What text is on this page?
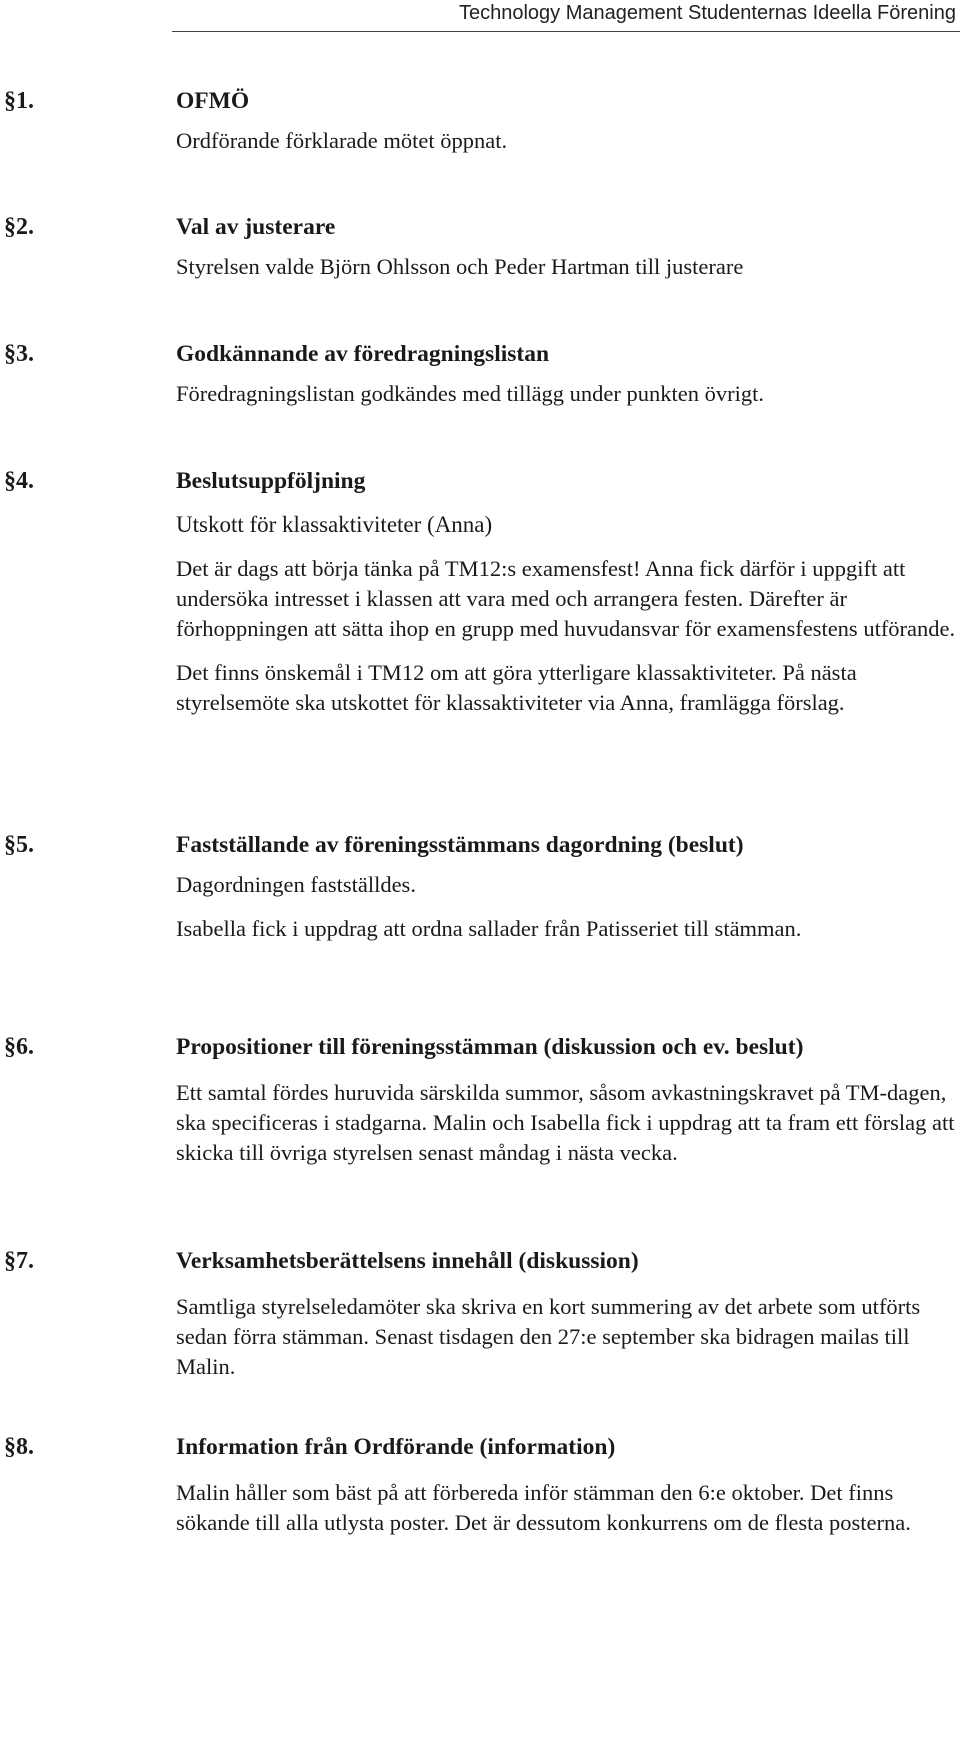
Technology Management Studenternas Ideella Förening
§1.	OFMÖ
Ordförande förklarade mötet öppnat.
§2.	Val av justerare
Styrelsen valde Björn Ohlsson och Peder Hartman till justerare
§3.	Godkännande av föredragningslistan
Föredragningslistan godkändes med tillägg under punkten övrigt.
§4.	Beslutsuppföljning
Utskott för klassaktiviteter (Anna)
Det är dags att börja tänka på TM12:s examensfest! Anna fick därför i uppgift att undersöka intresset i klassen att vara med och arrangera festen. Därefter är förhoppningen att sätta ihop en grupp med huvudansvar för examensfestens utförande.
Det finns önskemål i TM12 om att göra ytterligare klassaktiviteter. På nästa styrelsemöte ska utskottet för klassaktiviteter via Anna, framlägga förslag.
§5.	Fastställande av föreningsstämmans dagordning (beslut)
Dagordningen fastställdes.
Isabella fick i uppdrag att ordna sallader från Patisseriet till stämman.
§6.	Propositioner till föreningsstämman (diskussion och ev. beslut)
Ett samtal fördes huruvida särskilda summor, såsom avkastningskravet på TM-dagen, ska specificeras i stadgarna. Malin och Isabella fick i uppdrag att ta fram ett förslag att skicka till övriga styrelsen senast måndag i nästa vecka.
§7.	Verksamhetsberättelsens innehåll (diskussion)
Samtliga styrelseledamöter ska skriva en kort summering av det arbete som utförts sedan förra stämman. Senast tisdagen den 27:e september ska bidragen mailas till Malin.
§8.	Information från Ordförande (information)
Malin håller som bäst på att förbereda inför stämman den 6:e oktober. Det finns sökande till alla utlysta poster. Det är dessutom konkurrens om de flesta posterna.
